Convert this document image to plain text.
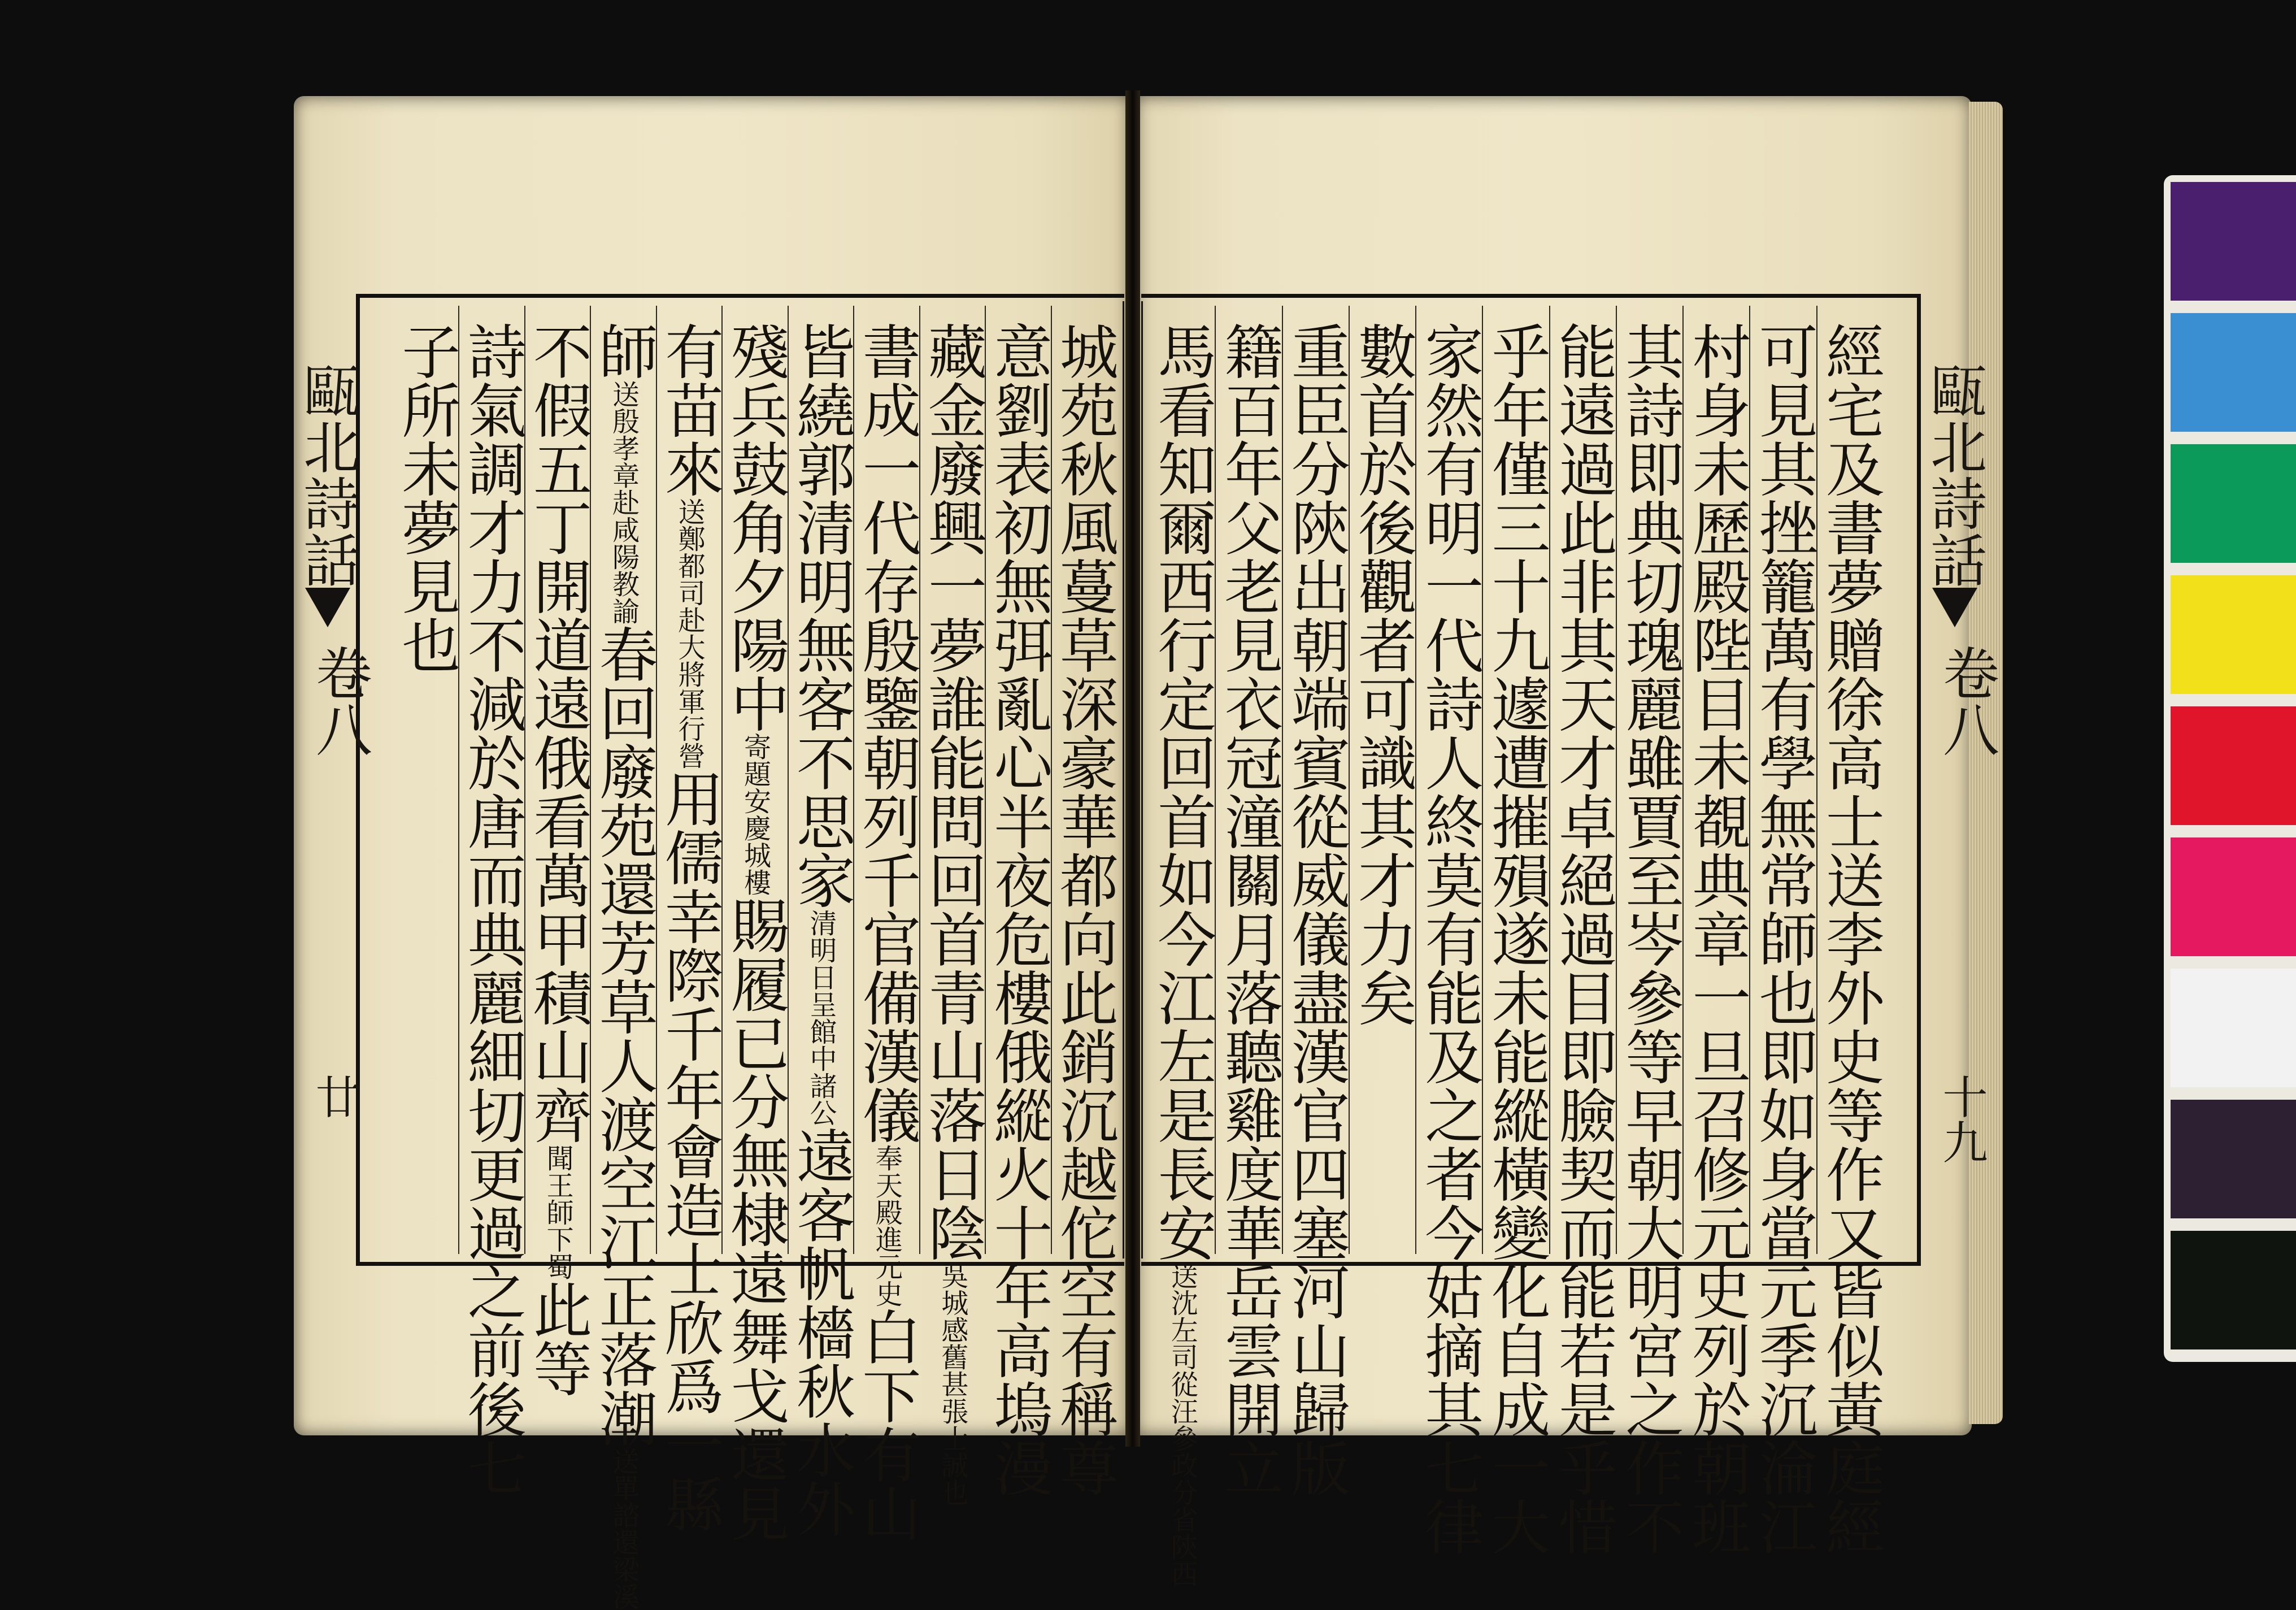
城苑秋風蔓草深豪華都向此銷沉越佗空有稱尊
意劉表初無弭亂心半夜危樓俄縱火十年高塢漫
藏金廢興一夢誰能問回首青山落日陰吳城感舊甚張士誠也
書成一代存殷鑒朝列千官備漢儀奉天殿進元史白下有山
皆繞郭清明無客不思家清明日呈館中諸公遠客帆檣秋水外
殘兵鼓角夕陽中寄題安慶城樓賜履已分無棣遠舞戈還見
有苗來送鄭都司赴大將軍行營用儒幸際千年會造士欣爲一縣
師送殷孝章赴咸陽教諭春回廢苑還芳草人渡空江正落潮送單諮還梁溪
不假五丁開道遠俄看萬甲積山齊聞王師下蜀此等
詩氣調才力不減於唐而典麗細切更過之前後七
子所未夢見也
甌北詩話
卷八
廿	經宅及書夢贈徐高士送李外史等作又皆似黃庭經
可見其挫籠萬有學無常師也即如身當元季沉淪江
村身未歷殿陛目未覩典章一旦召修元史列於朝班
其詩即典切瑰麗雖賈至岑參等早朝大明宮之作不
能遠過此非其天才卓絕過目即臉契而能若是乎惜
乎年僅三十九遽遭摧殞遂未能縱橫變化自成一大
家然有明一代詩人終莫有能及之者今姑摘其七律
數首於後觀者可識其才力矣
重臣分陝出朝端賓從威儀盡漢官四塞河山歸版
籍百年父老見衣冠潼關月落聽雞度華岳雲開立
馬看知爾西行定回首如今江左是長安送沈左司從汪參政分省陝西
甌北詩話
卷八
十九
